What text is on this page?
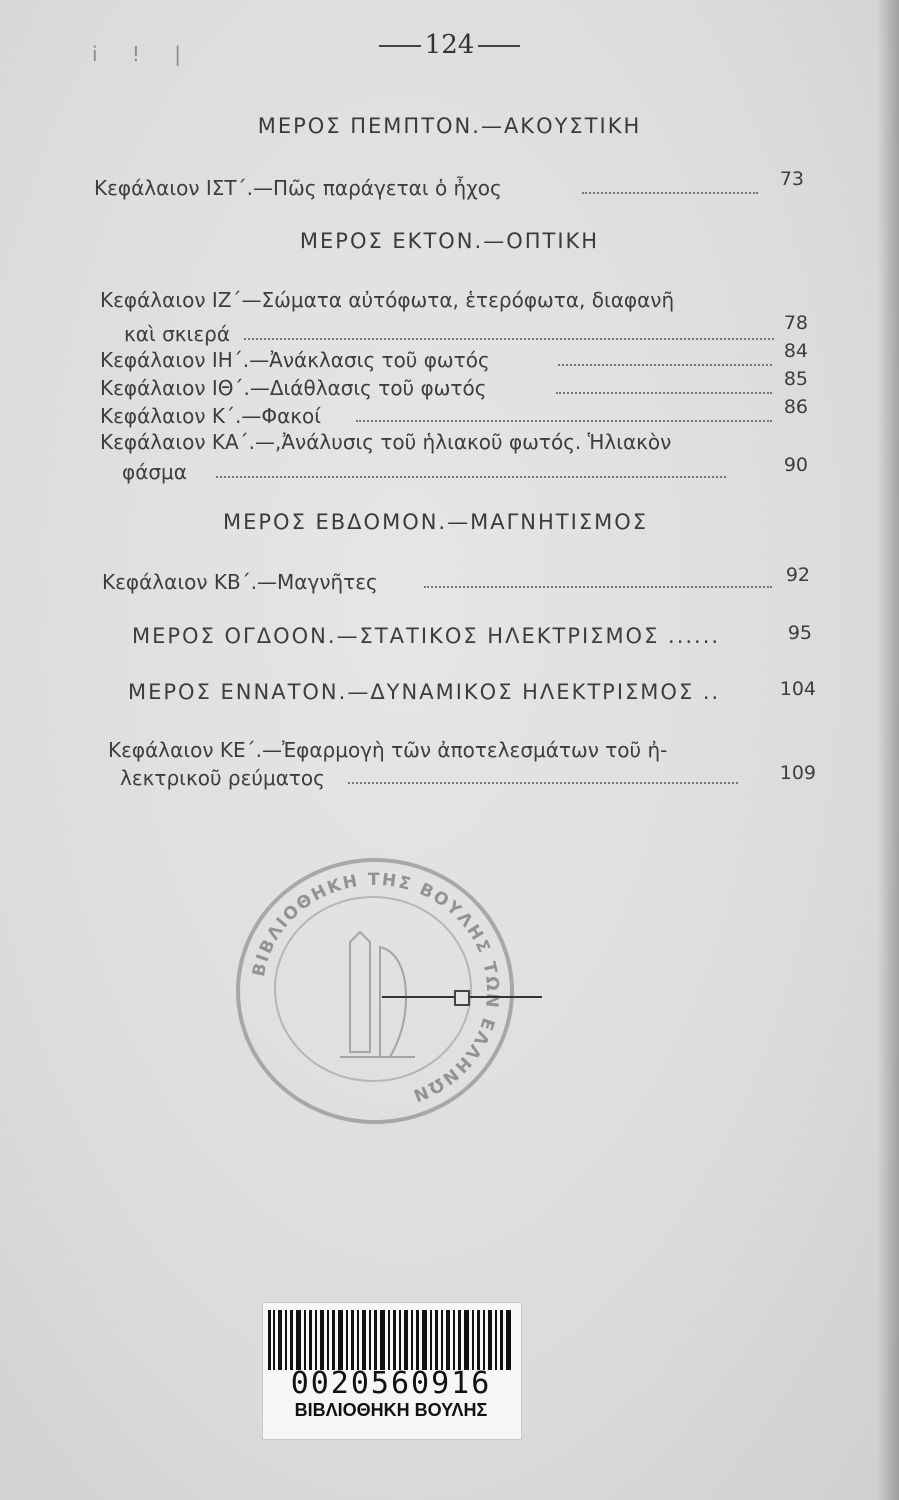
i ! |	124
ΜΕΡΟΣ ΠΕΜΠΤΟΝ.—ΑΚΟΥΣΤΙΚΗ
Κεφάλαιον ΙΣΤ΄.—Πῶς παράγεται ὁ ἦχος	73
ΜΕΡΟΣ ΕΚΤΟΝ.—ΟΠΤΙΚΗ
Κεφάλαιον ΙΖ΄—Σώματα αὐτόφωτα, ἑτερόφωτα, διαφανῆ
καὶ σκιερά	78
Κεφάλαιον ΙΗ΄.—Ἀνάκλασις τοῦ φωτός	84
Κεφάλαιον ΙΘ΄.—Διάθλασις τοῦ φωτός	85
Κεφάλαιον Κ΄.—Φακοί	86
Κεφάλαιον ΚΑ΄.—,Ἀνάλυσις τοῦ ἡλιακοῦ φωτός. Ἡλιακὸν
φάσμα	90
ΜΕΡΟΣ ΕΒΔΟΜΟΝ.—ΜΑΓΝΗΤΙΣΜΟΣ
Κεφάλαιον ΚΒ΄.—Μαγνῆτες	92
ΜΕΡΟΣ ΟΓΔΟΟΝ.—ΣΤΑΤΙΚΟΣ ΗΛΕΚΤΡΙΣΜΟΣ ......	95
ΜΕΡΟΣ ΕΝΝΑΤΟΝ.—ΔΥΝΑΜΙΚΟΣ ΗΛΕΚΤΡΙΣΜΟΣ ..	104
Κεφάλαιον ΚΕ΄.—Ἐφαρμογὴ τῶν ἀποτελεσμάτων τοῦ ἠ-
λεκτρικοῦ ρεύματος	109
ΒΙΒΛΙΟΘΗΚΗ ΤΗΣ ΒΟΥΛΗΣ ΤΩΝ ΕΛΛΗΝΩΝ
0020560916
ΒΙΒΛΙΟΘΗΚΗ ΒΟΥΛΗΣ
